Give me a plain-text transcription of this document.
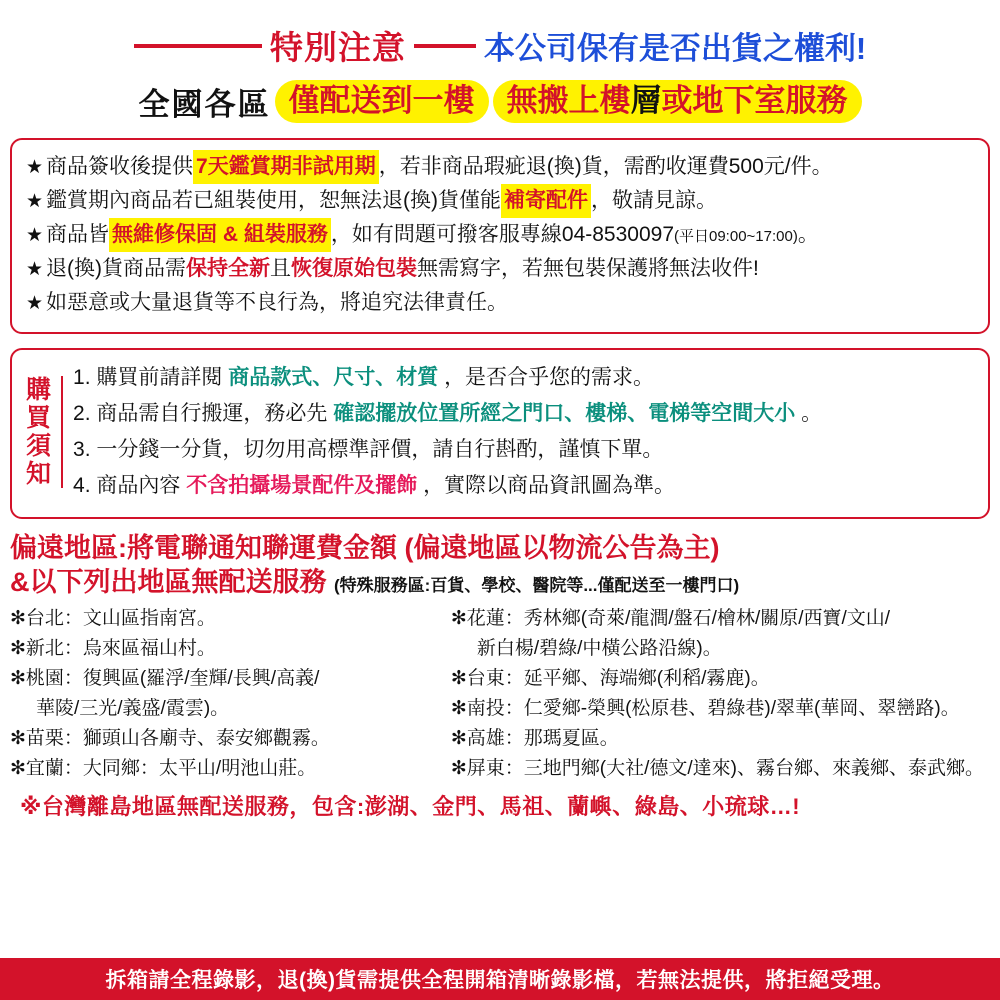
特別注意	本公司保有是否出貨之權利!
全國各區 僅配送到一樓	無搬上樓層或地下室服務
★ 商品簽收後提供 7天鑑賞期非試用期 ，若非商品瑕疵退(換)貨，需酌收運費500元/件。
★ 鑑賞期內商品若已組裝使用，恕無法退(換)貨僅能 補寄配件 ，敬請見諒。
★ 商品皆 無維修保固 & 組裝服務 ，如有問題可撥客服專線04-8530097 (平日09:00~17:00) 。
★ 退(換)貨商品需 保持全新 且 恢復原始包裝 無需寫字，若無包裝保護將無法收件!
★ 如惡意或大量退貨等不良行為，將追究法律責任。
購
買
須
知
1. 購買前請詳閱 商品款式、尺寸、材質 ，是否合乎您的需求。
2. 商品需自行搬運，務必先 確認擺放位置所經之門口、樓梯、電梯等空間大小 。
3. 一分錢一分貨，切勿用高標準評價，請自行斟酌，謹慎下單。
4. 商品內容 不含拍攝場景配件及擺飾 ，實際以商品資訊圖為準。
偏遠地區:將電聯通知聯運費金額 (偏遠地區以物流公告為主)
&以下列出地區無配送服務 (特殊服務區:百貨、學校、醫院等...僅配送至一樓門口)
✻台北：文山區指南宮。
✻新北：烏來區福山村。
✻桃園：復興區(羅浮/奎輝/長興/高義/
華陵/三光/義盛/霞雲)。
✻苗栗：獅頭山各廟寺、泰安鄉觀霧。
✻宜蘭：大同鄉：太平山/明池山莊。
✻花蓮：秀林鄉(奇萊/龍澗/盤石/檜林/關原/西寶/文山/
新白楊/碧綠/中橫公路沿線)。
✻台東：延平鄉、海端鄉(利稻/霧鹿)。
✻南投：仁愛鄉-榮興(松原巷、碧綠巷)/翠華(華岡、翠巒路)。
✻高雄：那瑪夏區。
✻屏東：三地門鄉(大社/德文/達來)、霧台鄉、來義鄉、泰武鄉。
※台灣離島地區無配送服務，包含:澎湖、金門、馬祖、蘭嶼、綠島、小琉球…!
拆箱請全程錄影，退(換)貨需提供全程開箱清晰錄影檔，若無法提供，將拒絕受理。
